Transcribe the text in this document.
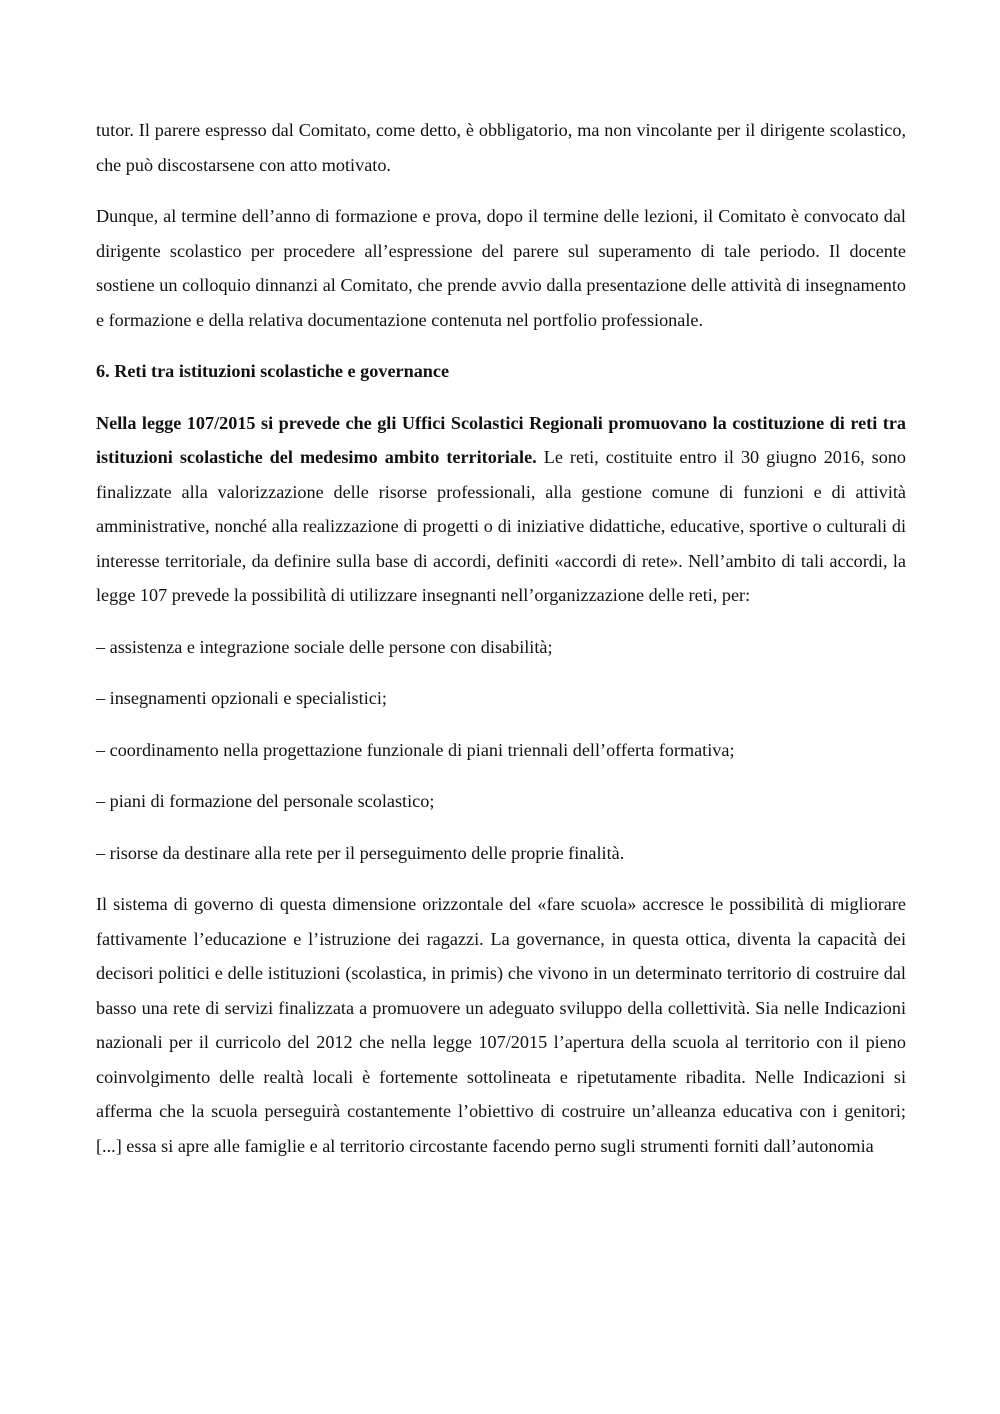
tutor. Il parere espresso dal Comitato, come detto, è obbligatorio, ma non vincolante per il dirigente scolastico, che può discostarsene con atto motivato.

Dunque, al termine dell’anno di formazione e prova, dopo il termine delle lezioni, il Comitato è convocato dal dirigente scolastico per procedere all’espressione del parere sul superamento di tale periodo. Il docente sostiene un colloquio dinnanzi al Comitato, che prende avvio dalla presentazione delle attività di insegnamento e formazione e della relativa documentazione contenuta nel portfolio professionale.

6. Reti tra istituzioni scolastiche e governance

Nella legge 107/2015 si prevede che gli Uffici Scolastici Regionali promuovano la costituzione di reti tra istituzioni scolastiche del medesimo ambito territoriale. Le reti, costituite entro il 30 giugno 2016, sono finalizzate alla valorizzazione delle risorse professionali, alla gestione comune di funzioni e di attività amministrative, nonché alla realizzazione di progetti o di iniziative didattiche, educative, sportive o culturali di interesse territoriale, da definire sulla base di accordi, definiti «accordi di rete». Nell’ambito di tali accordi, la legge 107 prevede la possibilità di utilizzare insegnanti nell’organizzazione delle reti, per:

– assistenza e integrazione sociale delle persone con disabilità;

– insegnamenti opzionali e specialistici;

– coordinamento nella progettazione funzionale di piani triennali dell’offerta formativa;

– piani di formazione del personale scolastico;

– risorse da destinare alla rete per il perseguimento delle proprie finalità.

Il sistema di governo di questa dimensione orizzontale del «fare scuola» accresce le possibilità di migliorare fattivamente l’educazione e l’istruzione dei ragazzi. La governance, in questa ottica, diventa la capacità dei decisori politici e delle istituzioni (scolastica, in primis) che vivono in un determinato territorio di costruire dal basso una rete di servizi finalizzata a promuovere un adeguato sviluppo della collettività. Sia nelle Indicazioni nazionali per il curricolo del 2012 che nella legge 107/2015 l’apertura della scuola al territorio con il pieno coinvolgimento delle realtà locali è fortemente sottolineata e ripetutamente ribadita. Nelle Indicazioni si afferma che la scuola perseguirà costantemente l’obiettivo di costruire un’alleanza educativa con i genitori; [...] essa si apre alle famiglie e al territorio circostante facendo perno sugli strumenti forniti dall’autonomia
